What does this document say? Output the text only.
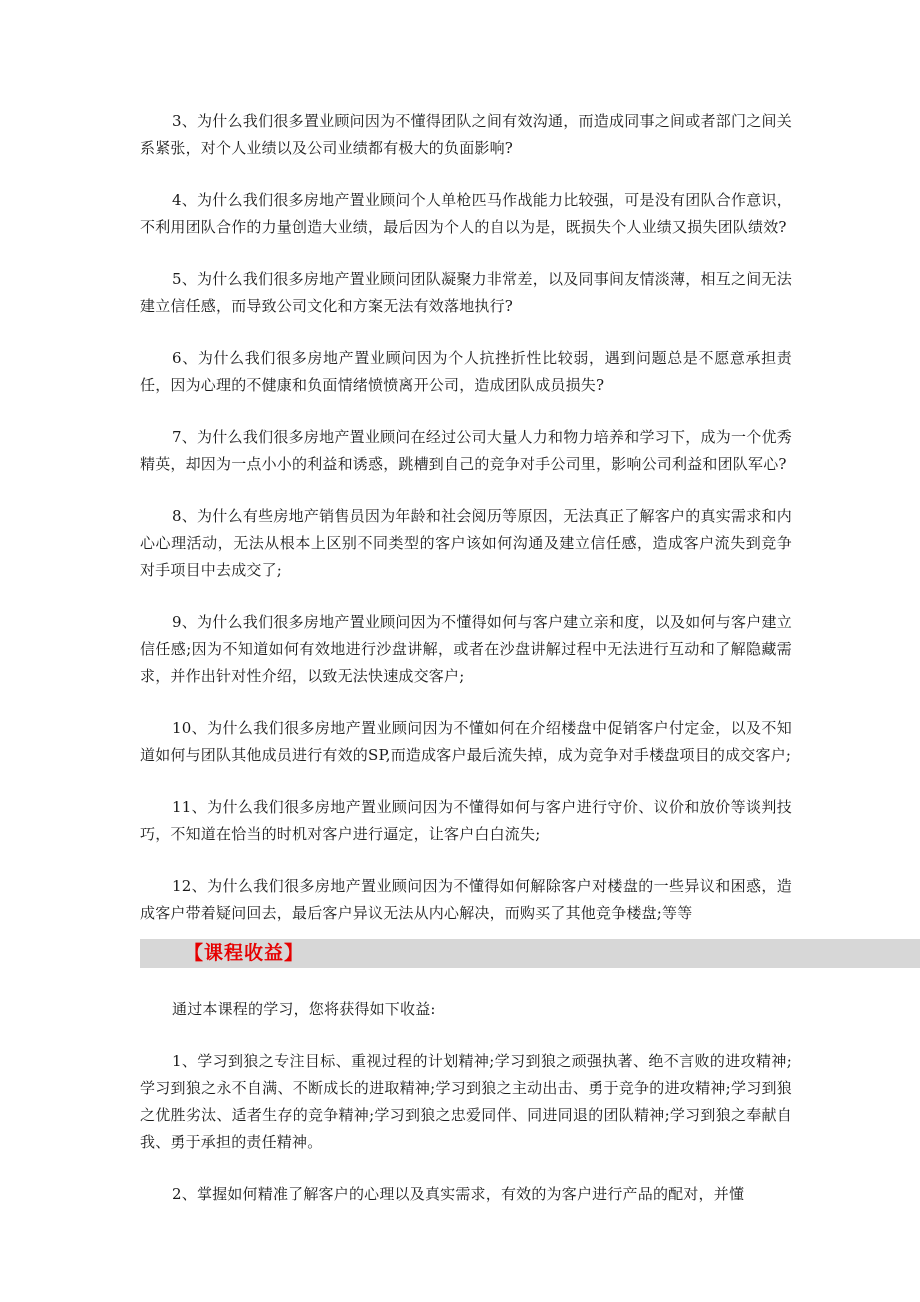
3、为什么我们很多置业顾问因为不懂得团队之间有效沟通，而造成同事之间或者部门之间关系紧张，对个人业绩以及公司业绩都有极大的负面影响?

4、为什么我们很多房地产置业顾问个人单枪匹马作战能力比较强，可是没有团队合作意识，不利用团队合作的力量创造大业绩，最后因为个人的自以为是，既损失个人业绩又损失团队绩效?

5、为什么我们很多房地产置业顾问团队凝聚力非常差，以及同事间友情淡薄，相互之间无法建立信任感，而导致公司文化和方案无法有效落地执行?

6、为什么我们很多房地产置业顾问因为个人抗挫折性比较弱，遇到问题总是不愿意承担责任，因为心理的不健康和负面情绪愤愤离开公司，造成团队成员损失?

7、为什么我们很多房地产置业顾问在经过公司大量人力和物力培养和学习下，成为一个优秀精英，却因为一点小小的利益和诱惑，跳槽到自己的竞争对手公司里，影响公司利益和团队军心?

8、为什么有些房地产销售员因为年龄和社会阅历等原因，无法真正了解客户的真实需求和内心心理活动，无法从根本上区别不同类型的客户该如何沟通及建立信任感，造成客户流失到竞争对手项目中去成交了;

9、为什么我们很多房地产置业顾问因为不懂得如何与客户建立亲和度，以及如何与客户建立信任感;因为不知道如何有效地进行沙盘讲解，或者在沙盘讲解过程中无法进行互动和了解隐藏需求，并作出针对性介绍，以致无法快速成交客户;

10、为什么我们很多房地产置业顾问因为不懂如何在介绍楼盘中促销客户付定金，以及不知道如何与团队其他成员进行有效的SP,而造成客户最后流失掉，成为竞争对手楼盘项目的成交客户;

11、为什么我们很多房地产置业顾问因为不懂得如何与客户进行守价、议价和放价等谈判技巧，不知道在恰当的时机对客户进行逼定，让客户白白流失;

12、为什么我们很多房地产置业顾问因为不懂得如何解除客户对楼盘的一些异议和困惑，造成客户带着疑问回去，最后客户异议无法从内心解决，而购买了其他竞争楼盘;等等

【课程收益】

通过本课程的学习，您将获得如下收益:

1、学习到狼之专注目标、重视过程的计划精神;学习到狼之顽强执著、绝不言败的进攻精神;学习到狼之永不自满、不断成长的进取精神;学习到狼之主动出击、勇于竞争的进攻精神;学习到狼之优胜劣汰、适者生存的竞争精神;学习到狼之忠爱同伴、同进同退的团队精神;学习到狼之奉献自我、勇于承担的责任精神。

2、掌握如何精准了解客户的心理以及真实需求，有效的为客户进行产品的配对，并懂
